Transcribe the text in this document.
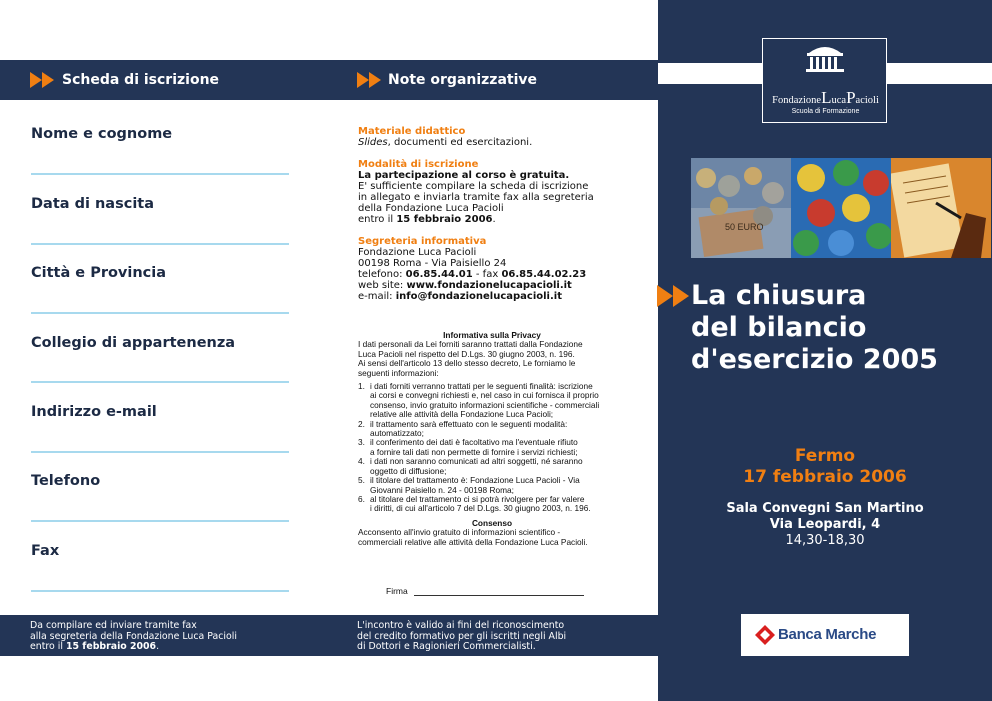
Scheda di iscrizione
Nome e cognome
Data di nascita
Città e Provincia
Collegio di appartenenza
Indirizzo e-mail
Telefono
Fax
Da compilare ed inviare tramite fax
alla segreteria della Fondazione Luca Pacioli
entro il 15 febbraio 2006.
Note organizzative
Materiale didattico
Slides, documenti ed esercitazioni.
Modalità di iscrizione
La partecipazione al corso è gratuita.
E' sufficiente compilare la scheda di iscrizione
in allegato e inviarla tramite fax alla segreteria
della Fondazione Luca Pacioli
entro il 15 febbraio 2006.
Segreteria informativa
Fondazione Luca Pacioli
00198 Roma - Via Paisiello 24
telefono: 06.85.44.01 - fax 06.85.44.02.23
web site: www.fondazionelucapacioli.it
e-mail: info@fondazionelucapacioli.it
Informativa sulla Privacy
I dati personali da Lei forniti saranno trattati dalla Fondazione
Luca Pacioli nel rispetto del D.Lgs. 30 giugno 2003, n. 196.
Ai sensi dell'articolo 13 dello stesso decreto, Le forniamo le
seguenti informazioni:
1. i dati forniti verranno trattati per le seguenti finalità: iscrizione
ai corsi e convegni richiesti e, nel caso in cui fornisca il proprio
consenso, invio gratuito informazioni scientifiche - commerciali
relative alle attività della Fondazione Luca Pacioli;
2. il trattamento sarà effettuato con le seguenti modalità:
automatizzato;
3. il conferimento dei dati è facoltativo ma l'eventuale rifiuto
a fornire tali dati non permette di fornire i servizi richiesti;
4. i dati non saranno comunicati ad altri soggetti, né saranno
oggetto di diffusione;
5. il titolare del trattamento è: Fondazione Luca Pacioli - Via
Giovanni Paisiello n. 24 - 00198 Roma;
6. al titolare del trattamento ci si potrà rivolgere per far valere
i diritti, di cui all'articolo 7 del D.Lgs. 30 giugno 2003, n. 196.
Consenso
Acconsento all'invio gratuito di informazioni scientifico -
commerciali relative alle attività della Fondazione Luca Pacioli.
Firma
L'incontro è valido ai fini del riconoscimento
del credito formativo per gli iscritti negli Albi
di Dottori e Ragionieri Commercialisti.
FondazioneLucaPacioli
Scuola di Formazione
50 EURO
La chiusura
del bilancio
d'esercizio 2005
Fermo
17 febbraio 2006
Sala Convegni San Martino
Via Leopardi, 4
14,30-18,30
Banca Marche
